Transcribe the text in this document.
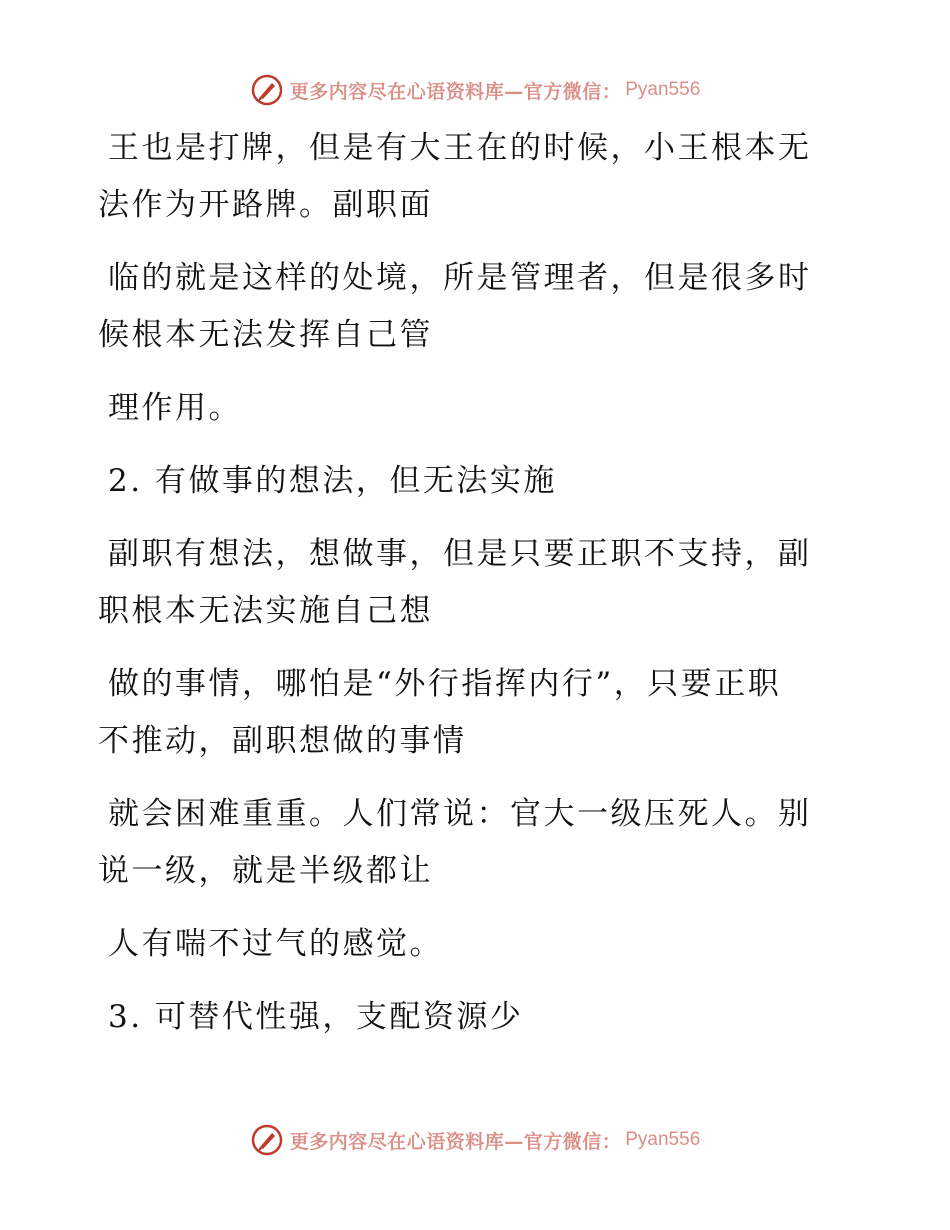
更多内容尽在心语资料库—官方微信： Pyan556

王也是打牌，但是有大王在的时候，小王根本无
法作为开路牌。副职面

临的就是这样的处境，所是管理者，但是很多时
候根本无法发挥自己管

理作用。

2. 有做事的想法，但无法实施

副职有想法，想做事，但是只要正职不支持，副
职根本无法实施自己想

做的事情，哪怕是“外行指挥内行”，只要正职
不推动，副职想做的事情

就会困难重重。人们常说：官大一级压死人。别
说一级，就是半级都让

人有喘不过气的感觉。

3. 可替代性强，支配资源少

更多内容尽在心语资料库—官方微信： Pyan556
